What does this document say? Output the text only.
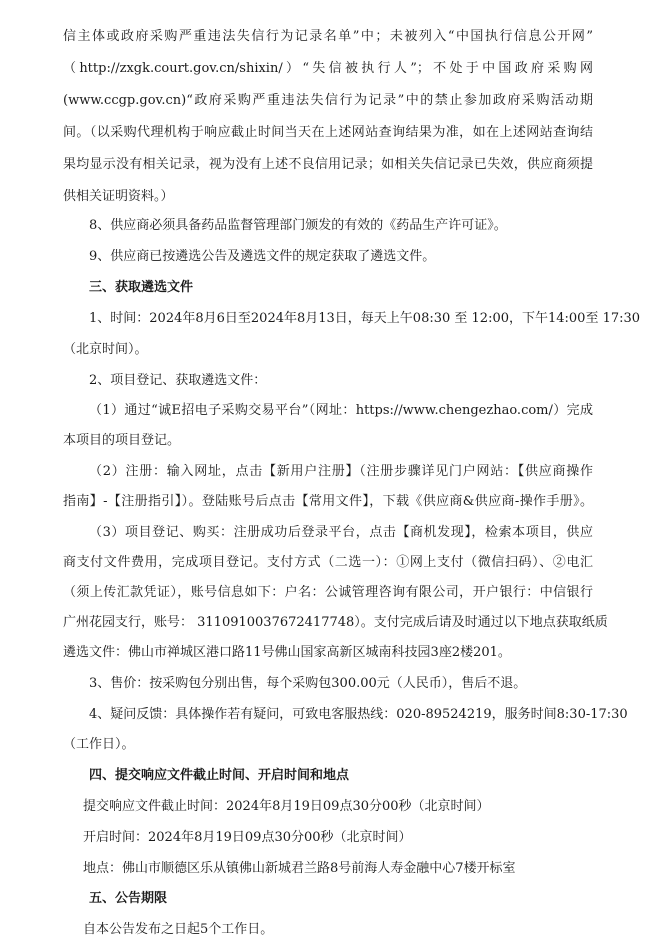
信主体或政府采购严重违法失信行为记录名单”中；未被列入“中国执行信息公开网”
（http://zxgk.court.gov.cn/shixin/）“失信被执行人”；不处于中国政府采购网
(www.ccgp.gov.cn)“政府采购严重违法失信行为记录”中的禁止参加政府采购活动期
间。（以采购代理机构于响应截止时间当天在上述网站查询结果为准，如在上述网站查询结
果均显示没有相关记录，视为没有上述不良信用记录；如相关失信记录已失效，供应商须提
供相关证明资料。）
8、供应商必须具备药品监督管理部门颁发的有效的《药品生产许可证》。
9、供应商已按遴选公告及遴选文件的规定获取了遴选文件。
三、获取遴选文件
1、时间：2024年8月6日至2024年8月13日，每天上午08:30 至 12:00，下午14:00至 17:30
（北京时间）。
2、项目登记、获取遴选文件：
（1）通过“诚E招电子采购交易平台”（网址：https://www.chengezhao.com/）完成
本项目的项目登记。
（2）注册：输入网址，点击【新用户注册】（注册步骤详见门户网站：【供应商操作
指南】-【注册指引】）。登陆账号后点击【常用文件】，下载《供应商&供应商-操作手册》。
（3）项目登记、购买：注册成功后登录平台，点击【商机发现】，检索本项目，供应
商支付文件费用，完成项目登记。支付方式（二选一）：①网上支付（微信扫码）、②电汇
（须上传汇款凭证），账号信息如下：户名：公诚管理咨询有限公司，开户银行：中信银行
广州花园支行，账号： 3110910037672417748）。支付完成后请及时通过以下地点获取纸质
遴选文件：佛山市禅城区港口路11号佛山国家高新区城南科技园3座2楼201。
3、售价：按采购包分别出售，每个采购包300.00元（人民币），售后不退。
4、疑问反馈：具体操作若有疑问，可致电客服热线：020-89524219，服务时间8:30-17:30
（工作日）。
四、提交响应文件截止时间、开启时间和地点
提交响应文件截止时间：2024年8月19日09点30分00秒（北京时间）
开启时间：2024年8月19日09点30分00秒（北京时间）
地点：佛山市顺德区乐从镇佛山新城君兰路8号前海人寿金融中心7楼开标室
五、公告期限
自本公告发布之日起5个工作日。
